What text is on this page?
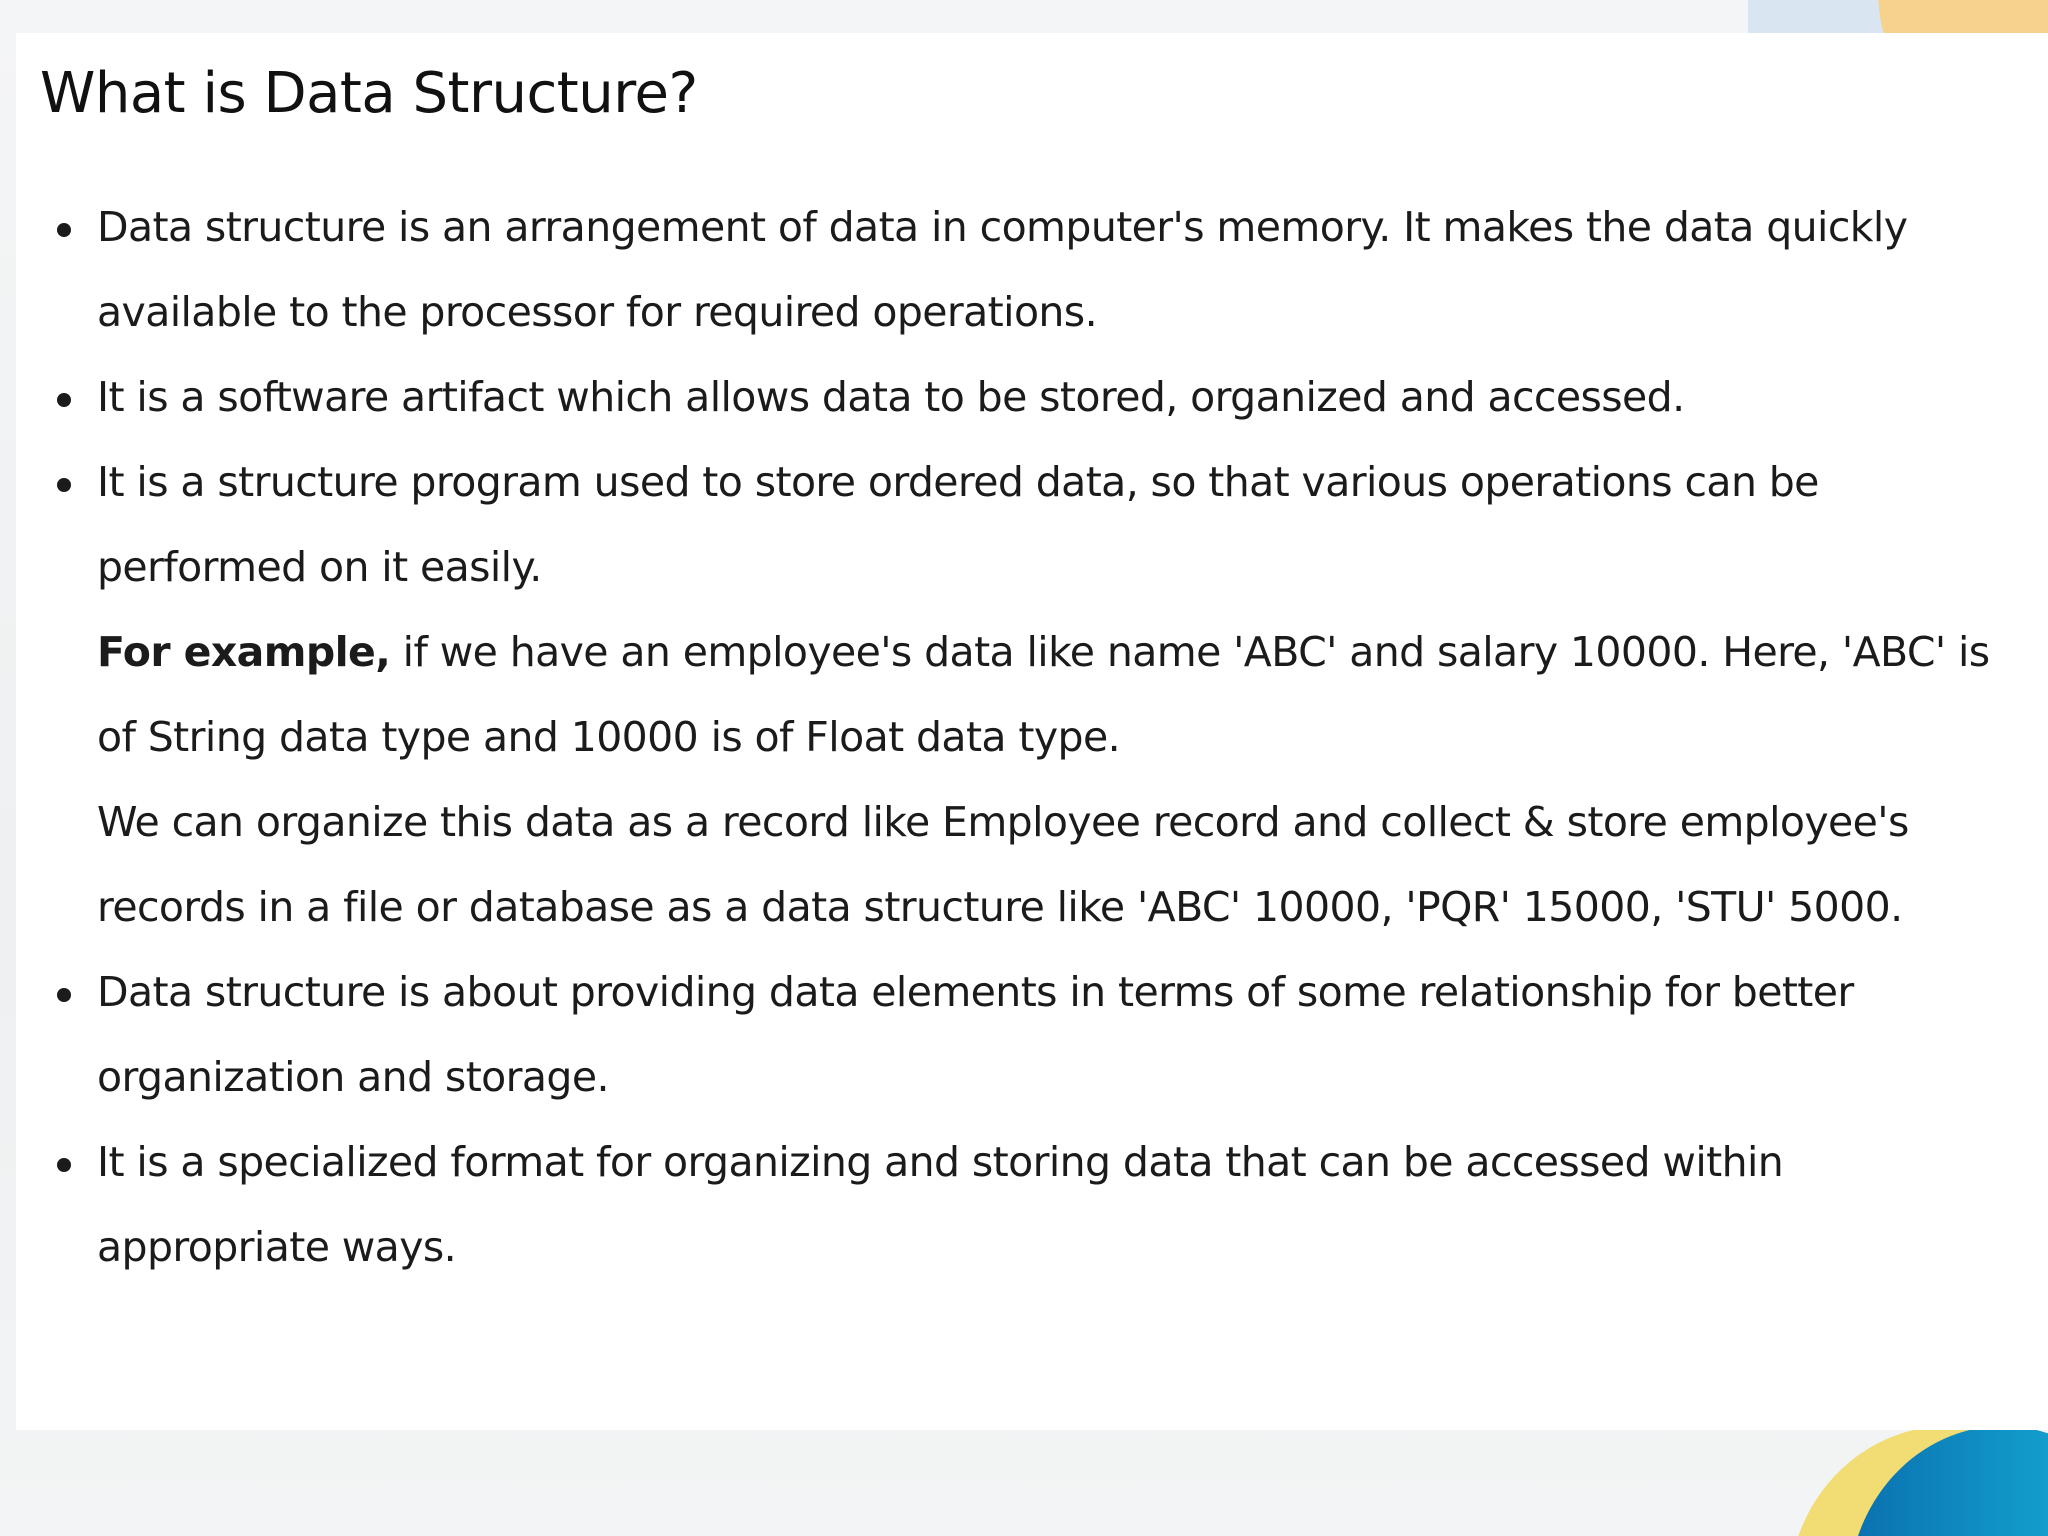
What is Data Structure?
Data structure is an arrangement of data in computer's memory. It makes the data quickly available to the processor for required operations.
It is a software artifact which allows data to be stored, organized and accessed.
It is a structure program used to store ordered data, so that various operations can be performed on it easily.
For example, if we have an employee's data like name 'ABC' and salary 10000. Here, 'ABC' is of String data type and 10000 is of Float data type.
We can organize this data as a record like Employee record and collect & store employee's records in a file or database as a data structure like 'ABC' 10000, 'PQR' 15000, 'STU' 5000.
Data structure is about providing data elements in terms of some relationship for better organization and storage.
It is a specialized format for organizing and storing data that can be accessed within appropriate ways.
